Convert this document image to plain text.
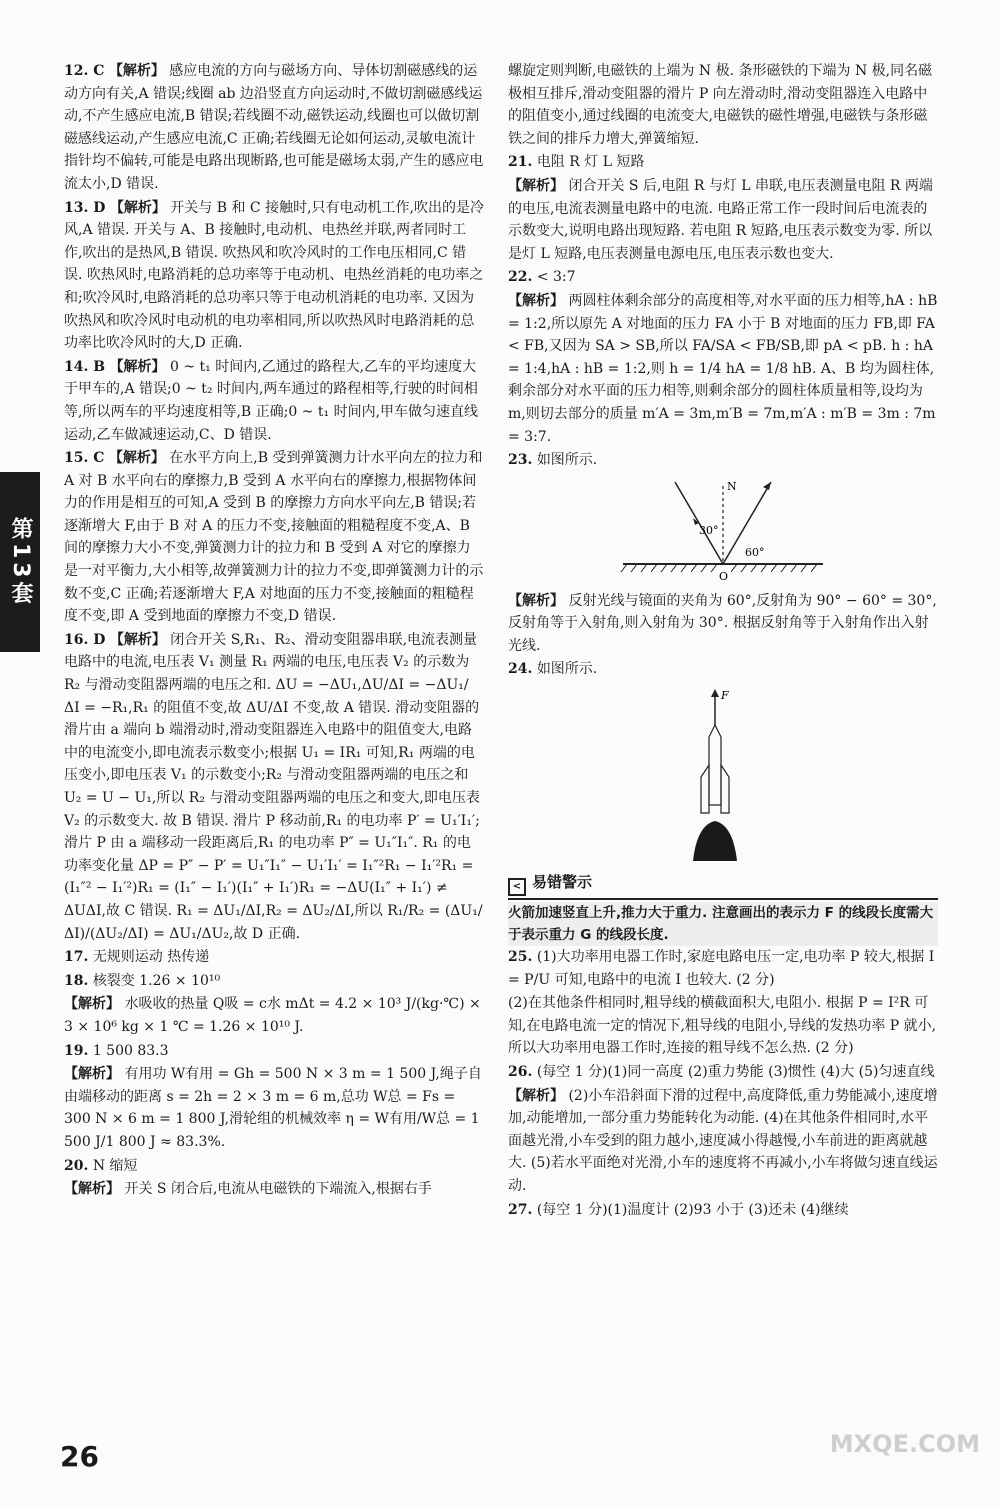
第13套
12. C 【解析】 感应电流的方向与磁场方向、导体切割磁感线的运动方向有关,A 错误;线圈 ab 边沿竖直方向运动时,不做切割磁感线运动,不产生感应电流,B 错误;若线圈不动,磁铁运动,线圈也可以做切割磁感线运动,产生感应电流,C 正确;若线圈无论如何运动,灵敏电流计指针均不偏转,可能是电路出现断路,也可能是磁场太弱,产生的感应电流太小,D 错误.
13. D 【解析】 开关与 B 和 C 接触时,只有电动机工作,吹出的是冷风,A 错误. 开关与 A、B 接触时,电动机、电热丝并联,两者同时工作,吹出的是热风,B 错误. 吹热风和吹冷风时的工作电压相同,C 错误. 吹热风时,电路消耗的总功率等于电动机、电热丝消耗的电功率之和;吹冷风时,电路消耗的总功率只等于电动机消耗的电功率. 又因为吹热风和吹冷风时电动机的电功率相同,所以吹热风时电路消耗的总功率比吹冷风时的大,D 正确.
14. B 【解析】 0 ~ t₁ 时间内,乙通过的路程大,乙车的平均速度大于甲车的,A 错误;0 ~ t₂ 时间内,两车通过的路程相等,行驶的时间相等,所以两车的平均速度相等,B 正确;0 ~ t₁ 时间内,甲车做匀速直线运动,乙车做减速运动,C、D 错误.
15. C 【解析】 在水平方向上,B 受到弹簧测力计水平向左的拉力和 A 对 B 水平向右的摩擦力,B 受到 A 水平向右的摩擦力,根据物体间力的作用是相互的可知,A 受到 B 的摩擦力方向水平向左,B 错误;若逐渐增大 F,由于 B 对 A 的压力不变,接触面的粗糙程度不变,A、B 间的摩擦力大小不变,弹簧测力计的拉力和 B 受到 A 对它的摩擦力是一对平衡力,大小相等,故弹簧测力计的拉力不变,即弹簧测力计的示数不变,C 正确;若逐渐增大 F,A 对地面的压力不变,接触面的粗糙程度不变,即 A 受到地面的摩擦力不变,D 错误.
16. D 【解析】 闭合开关 S,R₁、R₂、滑动变阻器串联,电流表测量电路中的电流,电压表 V₁ 测量 R₁ 两端的电压,电压表 V₂ 的示数为 R₂ 与滑动变阻器两端的电压之和. ΔU = −ΔU₁,ΔU/ΔI = −ΔU₁/ΔI = −R₁,R₁ 的阻值不变,故 ΔU/ΔI 不变,故 A 错误. 滑动变阻器的滑片由 a 端向 b 端滑动时,滑动变阻器连入电路中的阻值变大,电路中的电流变小,即电流表示数变小;根据 U₁ = IR₁ 可知,R₁ 两端的电压变小,即电压表 V₁ 的示数变小;R₂ 与滑动变阻器两端的电压之和 U₂ = U − U₁,所以 R₂ 与滑动变阻器两端的电压之和变大,即电压表 V₂ 的示数变大. 故 B 错误. 滑片 P 移动前,R₁ 的电功率 P′ = U₁′I₁′;滑片 P 由 a 端移动一段距离后,R₁ 的电功率 P″ = U₁″I₁″. R₁ 的电功率变化量 ΔP = P″ − P′ = U₁″I₁″ − U₁′I₁′ = I₁″²R₁ − I₁′²R₁ = (I₁″² − I₁′²)R₁ = (I₁″ − I₁′)(I₁″ + I₁′)R₁ = −ΔU(I₁″ + I₁′) ≠ ΔUΔI,故 C 错误. R₁ = ΔU₁/ΔI,R₂ = ΔU₂/ΔI,所以 R₁/R₂ = (ΔU₁/ΔI)/(ΔU₂/ΔI) = ΔU₁/ΔU₂,故 D 正确.
17. 无规则运动 热传递
18. 核裂变 1.26 × 10¹⁰
【解析】 水吸收的热量 Q吸 = c水 mΔt = 4.2 × 10³ J/(kg·℃) × 3 × 10⁶ kg × 1 ℃ = 1.26 × 10¹⁰ J.
19. 1 500 83.3
【解析】 有用功 W有用 = Gh = 500 N × 3 m = 1 500 J,绳子自由端移动的距离 s = 2h = 2 × 3 m = 6 m,总功 W总 = Fs = 300 N × 6 m = 1 800 J,滑轮组的机械效率 η = W有用/W总 = 1 500 J/1 800 J ≈ 83.3%.
20. N 缩短
【解析】 开关 S 闭合后,电流从电磁铁的下端流入,根据右手
螺旋定则判断,电磁铁的上端为 N 极. 条形磁铁的下端为 N 极,同名磁极相互排斥,滑动变阻器的滑片 P 向左滑动时,滑动变阻器连入电路中的阻值变小,通过线圈的电流变大,电磁铁的磁性增强,电磁铁与条形磁铁之间的排斥力增大,弹簧缩短.
21. 电阻 R 灯 L 短路
【解析】 闭合开关 S 后,电阻 R 与灯 L 串联,电压表测量电阻 R 两端的电压,电流表测量电路中的电流. 电路正常工作一段时间后电流表的示数变大,说明电路出现短路. 若电阻 R 短路,电压表示数变为零. 所以是灯 L 短路,电压表测量电源电压,电压表示数也变大.
22. < 3:7
【解析】 两圆柱体剩余部分的高度相等,对水平面的压力相等,hA : hB = 1:2,所以原先 A 对地面的压力 FA 小于 B 对地面的压力 FB,即 FA < FB,又因为 SA > SB,所以 FA/SA < FB/SB,即 pA < pB. h : hA = 1:4,hA : hB = 1:2,则 h = 1/4 hA = 1/8 hB. A、B 均为圆柱体,剩余部分对水平面的压力相等,则剩余部分的圆柱体质量相等,设均为 m,则切去部分的质量 m′A = 3m,m′B = 7m,m′A : m′B = 3m : 7m = 3:7.
23. 如图所示.
N
O
30°
60°
【解析】 反射光线与镜面的夹角为 60°,反射角为 90° − 60° = 30°,反射角等于入射角,则入射角为 30°. 根据反射角等于入射角作出入射光线.
24. 如图所示.
F
< 易错警示
火箭加速竖直上升,推力大于重力. 注意画出的表示力 F 的线段长度需大于表示重力 G 的线段长度.
25. (1)大功率用电器工作时,家庭电路电压一定,电功率 P 较大,根据 I = P/U 可知,电路中的电流 I 也较大. (2 分)
(2)在其他条件相同时,粗导线的横截面积大,电阻小. 根据 P = I²R 可知,在电路电流一定的情况下,粗导线的电阻小,导线的发热功率 P 就小,所以大功率用电器工作时,连接的粗导线不怎么热. (2 分)
26. (每空 1 分)(1)同一高度 (2)重力势能 (3)惯性 (4)大 (5)匀速直线
【解析】 (2)小车沿斜面下滑的过程中,高度降低,重力势能减小,速度增加,动能增加,一部分重力势能转化为动能. (4)在其他条件相同时,水平面越光滑,小车受到的阻力越小,速度减小得越慢,小车前进的距离就越大. (5)若水平面绝对光滑,小车的速度将不再减小,小车将做匀速直线运动.
27. (每空 1 分)(1)温度计 (2)93 小于 (3)还未 (4)继续
26	MXQE.COM
